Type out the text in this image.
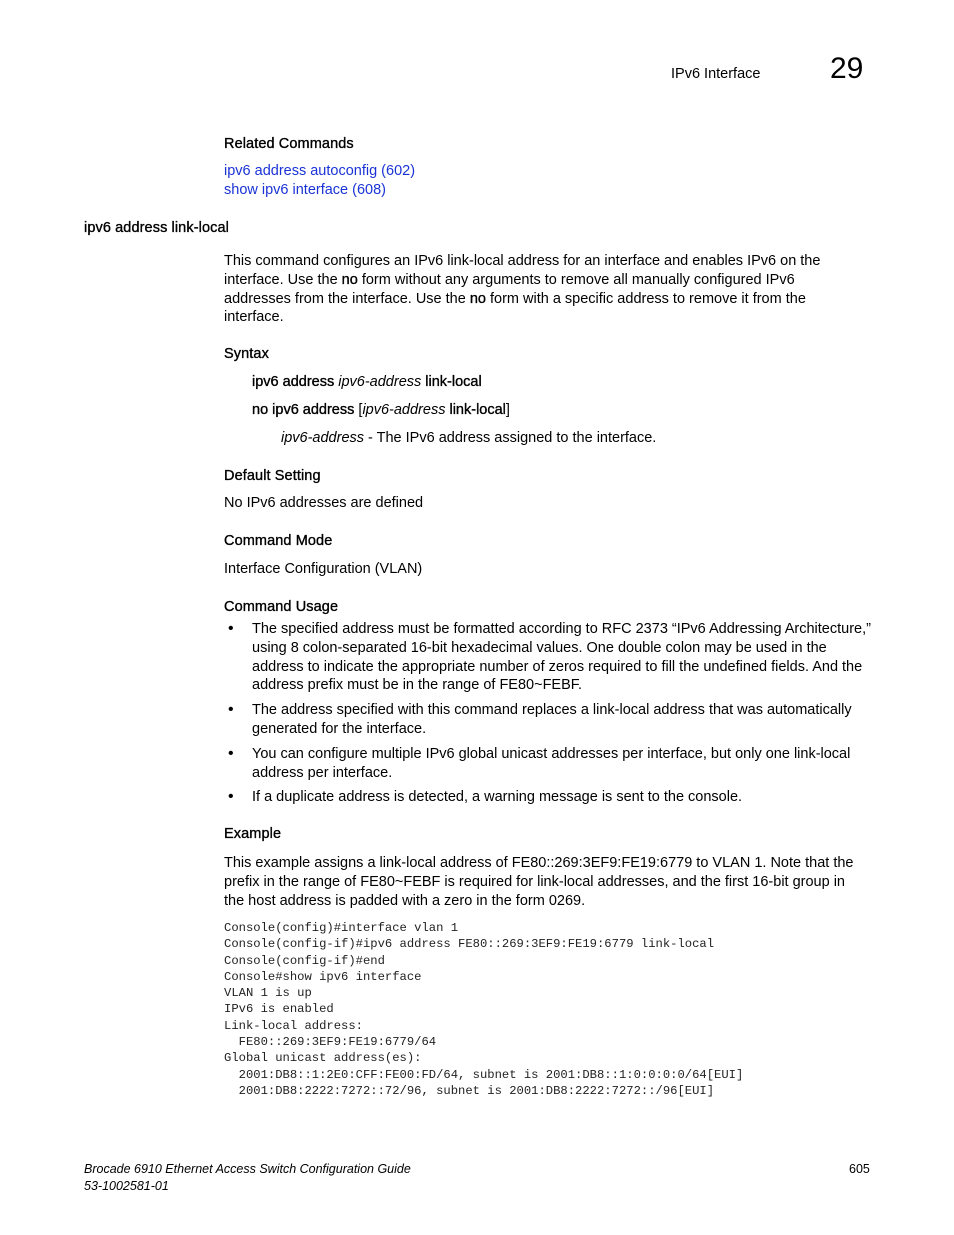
IPv6 Interface 29
Related Commands
ipv6 address autoconfig (602)
show ipv6 interface (608)
ipv6 address link-local
This command configures an IPv6 link-local address for an interface and enables IPv6 on the
interface. Use the no form without any arguments to remove all manually configured IPv6
addresses from the interface. Use the no form with a specific address to remove it from the
interface.
Syntax
ipv6 address ipv6-address link-local
no ipv6 address [ipv6-address link-local]
ipv6-address - The IPv6 address assigned to the interface.
Default Setting
No IPv6 addresses are defined
Command Mode
Interface Configuration (VLAN)
Command Usage
• The specified address must be formatted according to RFC 2373 “IPv6 Addressing Architecture,” using 8 colon-separated 16-bit hexadecimal values. One double colon may be used in the address to indicate the appropriate number of zeros required to fill the undefined fields. And the address prefix must be in the range of FE80~FEBF.
• The address specified with this command replaces a link-local address that was automatically generated for the interface.
• You can configure multiple IPv6 global unicast addresses per interface, but only one link-local address per interface.
• If a duplicate address is detected, a warning message is sent to the console.
Example
This example assigns a link-local address of FE80::269:3EF9:FE19:6779 to VLAN 1. Note that the prefix in the range of FE80~FEBF is required for link-local addresses, and the first 16-bit group in the host address is padded with a zero in the form 0269.
Console(config)#interface vlan 1
Console(config-if)#ipv6 address FE80::269:3EF9:FE19:6779 link-local
Console(config-if)#end
Console#show ipv6 interface
VLAN 1 is up
IPv6 is enabled
Link-local address:
FE80::269:3EF9:FE19:6779/64
Global unicast address(es):
2001:DB8::1:2E0:CFF:FE00:FD/64, subnet is 2001:DB8::1:0:0:0:0/64[EUI]
2001:DB8:2222:7272::72/96, subnet is 2001:DB8:2222:7272::/96[EUI]
Brocade 6910 Ethernet Access Switch Configuration Guide
53-1002581-01
605
